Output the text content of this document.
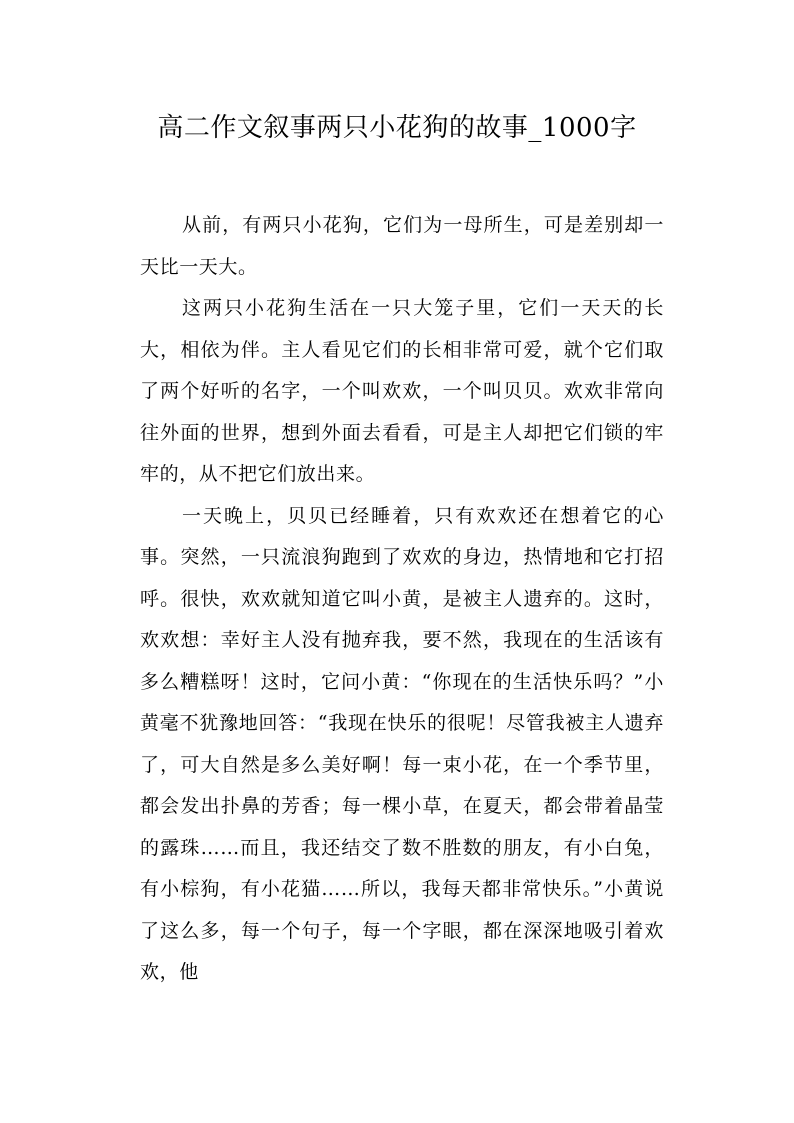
高二作文叙事两只小花狗的故事_1000字

从前，有两只小花狗，它们为一母所生，可是差别却一天比一天大。

这两只小花狗生活在一只大笼子里，它们一天天的长大，相依为伴。主人看见它们的长相非常可爱，就个它们取了两个好听的名字，一个叫欢欢，一个叫贝贝。欢欢非常向往外面的世界，想到外面去看看，可是主人却把它们锁的牢牢的，从不把它们放出来。

一天晚上，贝贝已经睡着，只有欢欢还在想着它的心事。突然，一只流浪狗跑到了欢欢的身边，热情地和它打招呼。很快，欢欢就知道它叫小黄，是被主人遗弃的。这时，欢欢想：幸好主人没有抛弃我，要不然，我现在的生活该有多么糟糕呀！这时，它问小黄：“你现在的生活快乐吗？”小黄毫不犹豫地回答：“我现在快乐的很呢！尽管我被主人遗弃了，可大自然是多么美好啊！每一束小花，在一个季节里，都会发出扑鼻的芳香；每一棵小草，在夏天，都会带着晶莹的露珠……而且，我还结交了数不胜数的朋友，有小白兔，有小棕狗，有小花猫……所以，我每天都非常快乐。”小黄说了这么多，每一个句子，每一个字眼，都在深深地吸引着欢欢，他
